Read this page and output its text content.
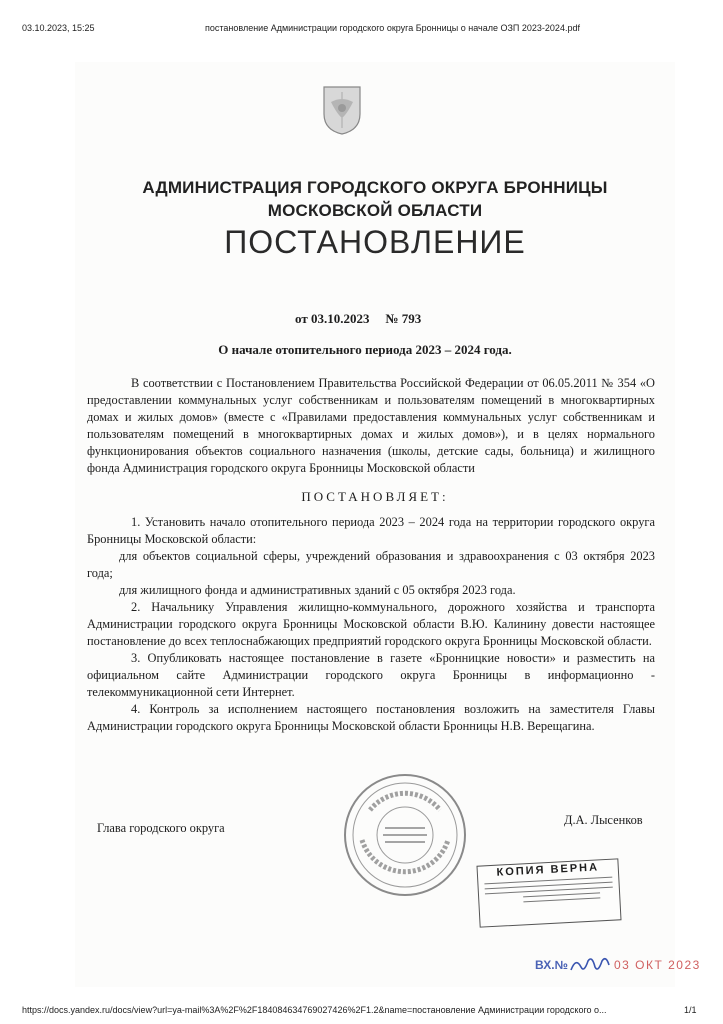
03.10.2023, 15:25	постановление Администрации городского округа Бронницы о начале ОЗП 2023-2024.pdf
АДМИНИСТРАЦИЯ ГОРОДСКОГО ОКРУГА БРОННИЦЫ
МОСКОВСКОЙ ОБЛАСТИ
ПОСТАНОВЛЕНИЕ
от 03.10.2023 № 793
О начале отопительного периода 2023 – 2024 года.
В соответствии с Постановлением Правительства Российской Федерации от 06.05.2011 № 354 «О предоставлении коммунальных услуг собственникам и пользователям помещений в многоквартирных домах и жилых домов» (вместе с «Правилами предоставления коммунальных услуг собственникам и пользователям помещений в многоквартирных домах и жилых домов»), и в целях нормального функционирования объектов социального назначения (школы, детские сады, больница) и жилищного фонда Администрация городского округа Бронницы Московской области
ПОСТАНОВЛЯЕТ:

1. Установить начало отопительного периода 2023 – 2024 года на территории городского округа Бронницы Московской области:

для объектов социальной сферы, учреждений образования и здравоохранения с 03 октября 2023 года;

для жилищного фонда и административных зданий с 05 октября 2023 года.

2. Начальнику Управления жилищно-коммунального, дорожного хозяйства и транспорта Администрации городского округа Бронницы Московской области В.Ю. Калинину довести настоящее постановление до всех теплоснабжающих предприятий городского округа Бронницы Московской области.

3. Опубликовать настоящее постановление в газете «Бронницкие новости» и разместить на официальном сайте Администрации городского округа Бронницы в информационно - телекоммуникационной сети Интернет.

4. Контроль за исполнением настоящего постановления возложить на заместителя Главы Администрации городского округа Бронницы Московской области Бронницы Н.В. Верещагина.

Глава городского округа
Д.А. Лысенков
КОПИЯ ВЕРНА
ВХ.№	03 ОКТ 2023
https://docs.yandex.ru/docs/view?url=ya-mail%3A%2F%2F184084634769027426%2F1.2&name=постановление Администрации городского о...	1/1
